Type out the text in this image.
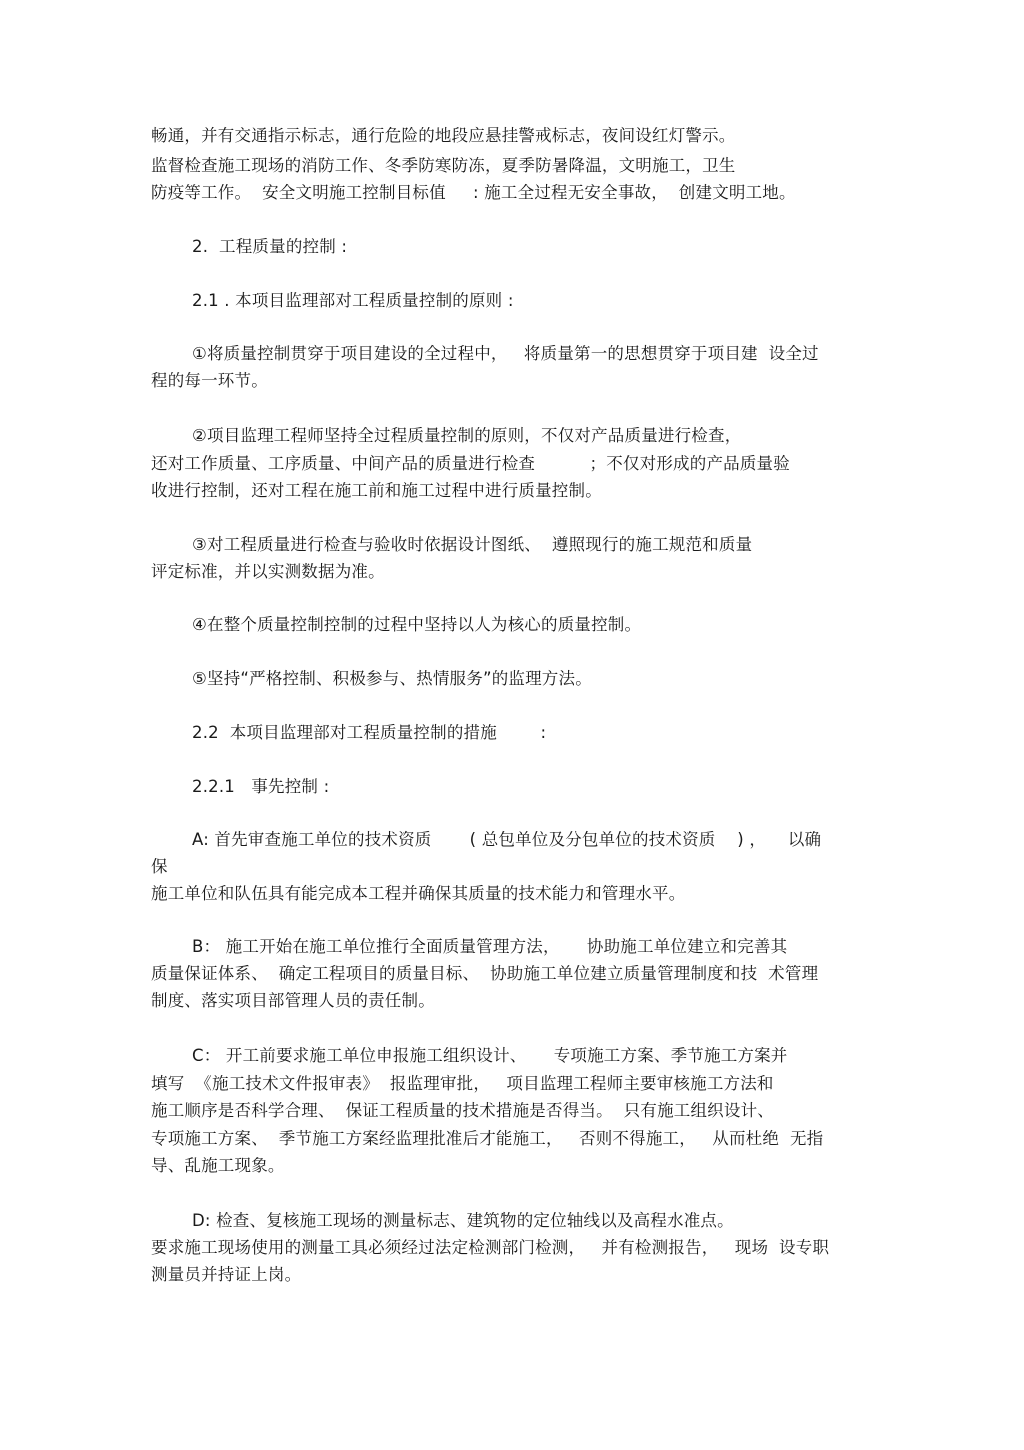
畅通，并有交通指示标志，通行危险的地段应悬挂警戒标志，夜间设红灯警示。
监督检查施工现场的消防工作、冬季防寒防冻，夏季防暑降温，文明施工，卫生
防疫等工作。  安全文明施工控制目标值     : 施工全过程无安全事故，  创建文明工地。
2.  工程质量的控制 :
2.1 . 本项目监理部对工程质量控制的原则 :
①将质量控制贯穿于项目建设的全过程中，   将质量第一的思想贯穿于项目建  设全过
程的每一环节。
②项目监理工程师坚持全过程质量控制的原则，不仅对产品质量进行检查，
还对工作质量、工序质量、中间产品的质量进行检查          ；不仅对形成的产品质量验
收进行控制，还对工程在施工前和施工过程中进行质量控制。
③对工程质量进行检查与验收时依据设计图纸、  遵照现行的施工规范和质量
评定标准，并以实测数据为准。
④在整个质量控制控制的过程中坚持以人为核心的质量控制。
⑤坚持“严格控制、积极参与、热情服务”的监理方法。
2.2  本项目监理部对工程质量控制的措施        :
2.2.1   事先控制 :
A: 首先审查施工单位的技术资质       ( 总包单位及分包单位的技术资质    ) ，    以确
保
施工单位和队伍具有能完成本工程并确保其质量的技术能力和管理水平。
B： 施工开始在施工单位推行全面质量管理方法，     协助施工单位建立和完善其
质量保证体系、  确定工程项目的质量目标、  协助施工单位建立质量管理制度和技  术管理
制度、落实项目部管理人员的责任制。
C： 开工前要求施工单位申报施工组织设计、     专项施工方案、季节施工方案并
填写  《施工技术文件报审表》  报监理审批，   项目监理工程师主要审核施工方法和
施工顺序是否科学合理、  保证工程质量的技术措施是否得当。  只有施工组织设计、
专项施工方案、  季节施工方案经监理批准后才能施工，   否则不得施工，   从而杜绝  无指
导、乱施工现象。
D: 检查、复核施工现场的测量标志、建筑物的定位轴线以及高程水准点。
要求施工现场使用的测量工具必须经过法定检测部门检测，   并有检测报告，   现场  设专职
测量员并持证上岗。
